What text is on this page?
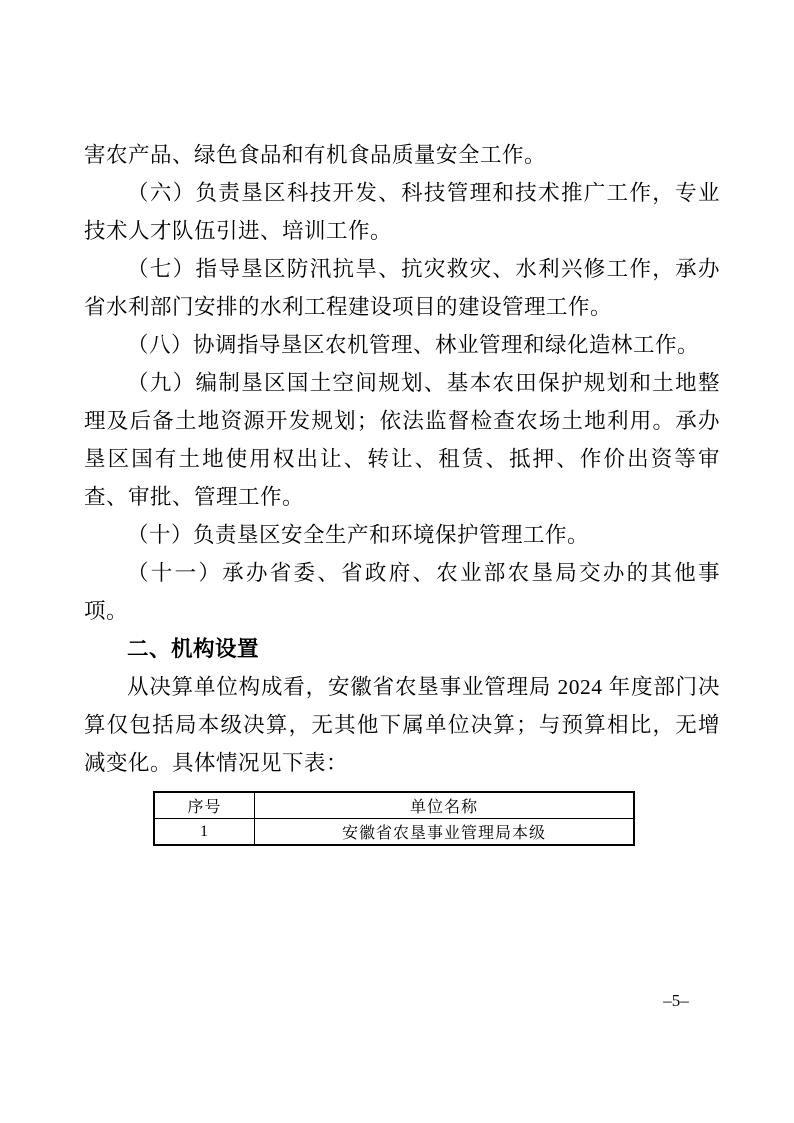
害农产品、绿色食品和有机食品质量安全工作。

（六）负责垦区科技开发、科技管理和技术推广工作，专业技术人才队伍引进、培训工作。

（七）指导垦区防汛抗旱、抗灾救灾、水利兴修工作，承办省水利部门安排的水利工程建设项目的建设管理工作。

（八）协调指导垦区农机管理、林业管理和绿化造林工作。

（九）编制垦区国土空间规划、基本农田保护规划和土地整理及后备土地资源开发规划；依法监督检查农场土地利用。承办垦区国有土地使用权出让、转让、租赁、抵押、作价出资等审查、审批、管理工作。

（十）负责垦区安全生产和环境保护管理工作。

（十一）承办省委、省政府、农业部农垦局交办的其他事项。

二、机构设置

从决算单位构成看，安徽省农垦事业管理局 2024 年度部门决算仅包括局本级决算，无其他下属单位决算；与预算相比，无增减变化。具体情况见下表：

序号	单位名称
1	安徽省农垦事业管理局本级
–5–
